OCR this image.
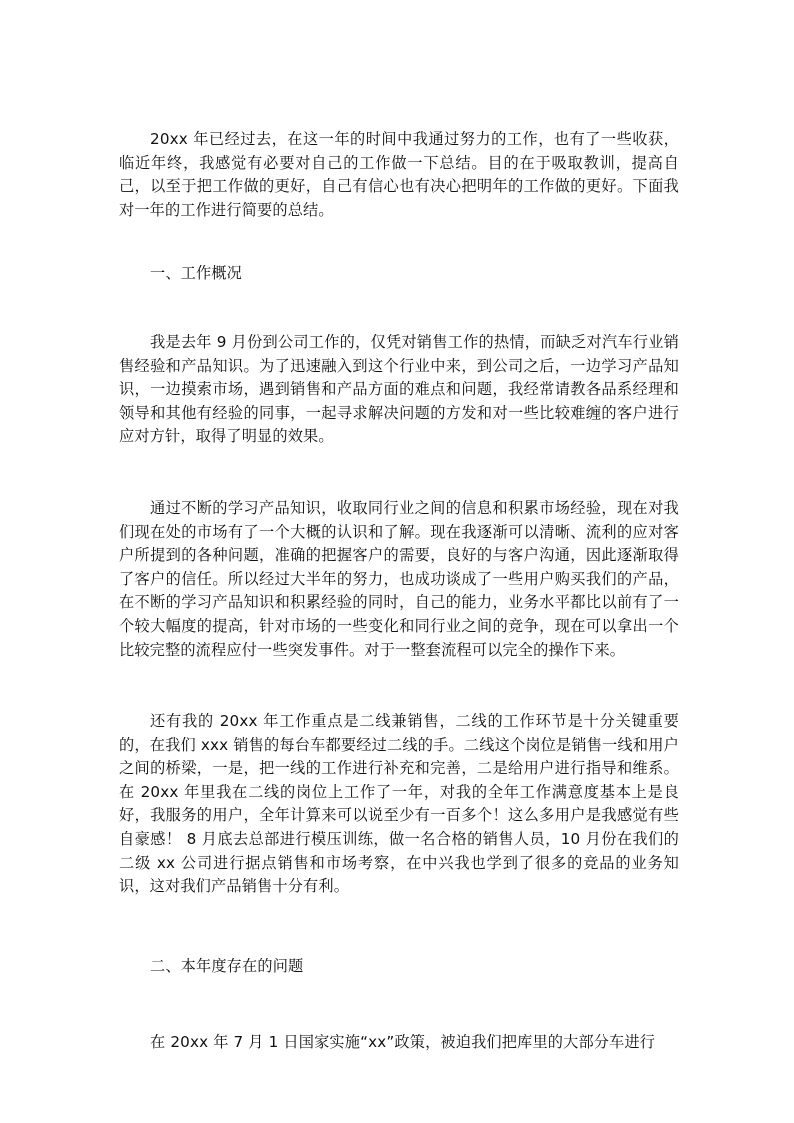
20xx 年已经过去，在这一年的时间中我通过努力的工作，也有了一些收获，临近年终，我感觉有必要对自己的工作做一下总结。目的在于吸取教训，提高自己，以至于把工作做的更好，自己有信心也有决心把明年的工作做的更好。下面我对一年的工作进行简要的总结。

一、工作概况

我是去年 9 月份到公司工作的，仅凭对销售工作的热情，而缺乏对汽车行业销售经验和产品知识。为了迅速融入到这个行业中来，到公司之后，一边学习产品知识，一边摸索市场，遇到销售和产品方面的难点和问题，我经常请教各品系经理和领导和其他有经验的同事，一起寻求解决问题的方发和对一些比较难缠的客户进行应对方针，取得了明显的效果。

通过不断的学习产品知识，收取同行业之间的信息和积累市场经验，现在对我们现在处的市场有了一个大概的认识和了解。现在我逐渐可以清晰、流利的应对客户所提到的各种问题，准确的把握客户的需要，良好的与客户沟通，因此逐渐取得了客户的信任。所以经过大半年的努力，也成功谈成了一些用户购买我们的产品，在不断的学习产品知识和积累经验的同时，自己的能力，业务水平都比以前有了一个较大幅度的提高，针对市场的一些变化和同行业之间的竞争，现在可以拿出一个比较完整的流程应付一些突发事件。对于一整套流程可以完全的操作下来。

还有我的 20xx 年工作重点是二线兼销售，二线的工作环节是十分关键重要的，在我们 xxx 销售的每台车都要经过二线的手。二线这个岗位是销售一线和用户之间的桥梁，一是，把一线的工作进行补充和完善，二是给用户进行指导和维系。在 20xx 年里我在二线的岗位上工作了一年，对我的全年工作满意度基本上是良好，我服务的用户，全年计算来可以说至少有一百多个！这么多用户是我感觉有些自豪感！ 8 月底去总部进行模压训练，做一名合格的销售人员，10 月份在我们的二级 xx 公司进行据点销售和市场考察，在中兴我也学到了很多的竞品的业务知识，这对我们产品销售十分有利。

二、本年度存在的问题

在 20xx 年 7 月 1 日国家实施“xx”政策，被迫我们把库里的大部分车进行
